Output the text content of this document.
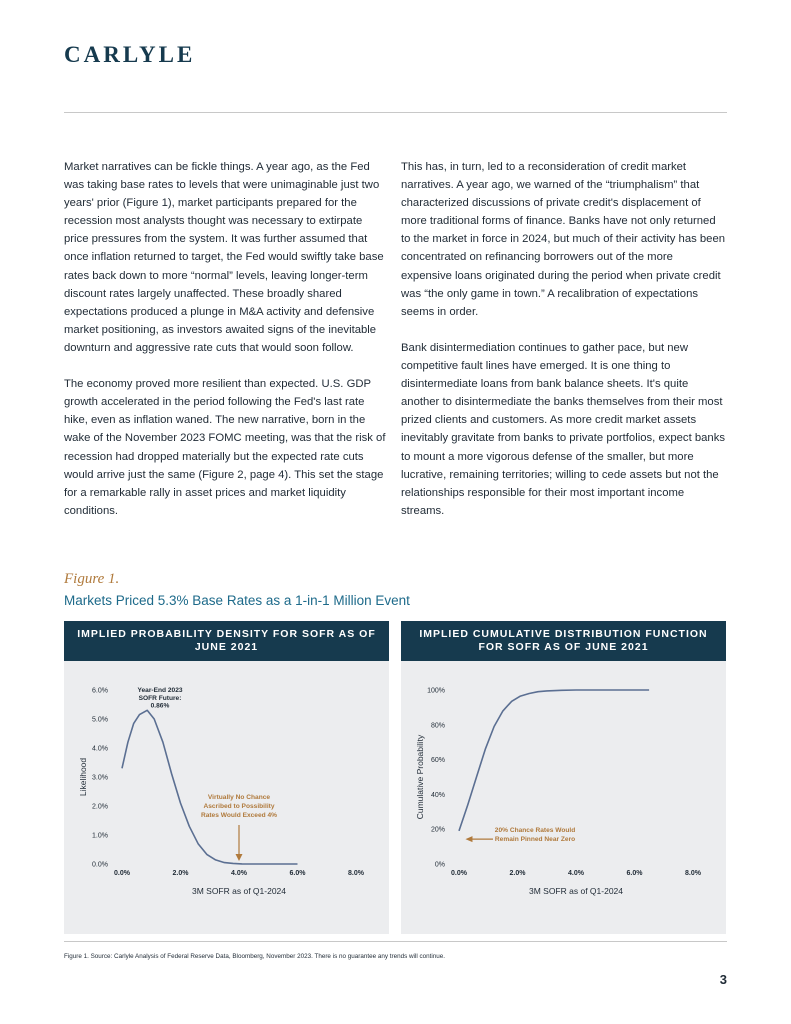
CARLYLE

Market narratives can be fickle things. A year ago, as the Fed was taking base rates to levels that were unimaginable just two years' prior (Figure 1), market participants prepared for the recession most analysts thought was necessary to extirpate price pressures from the system. It was further assumed that once inflation returned to target, the Fed would swiftly take base rates back down to more “normal” levels, leaving longer-term discount rates largely unaffected. These broadly shared expectations produced a plunge in M&A activity and defensive market positioning, as investors awaited signs of the inevitable downturn and aggressive rate cuts that would soon follow.

The economy proved more resilient than expected. U.S. GDP growth accelerated in the period following the Fed's last rate hike, even as inflation waned. The new narrative, born in the wake of the November 2023 FOMC meeting, was that the risk of recession had dropped materially but the expected rate cuts would arrive just the same (Figure 2, page 4). This set the stage for a remarkable rally in asset prices and market liquidity conditions.

This has, in turn, led to a reconsideration of credit market narratives. A year ago, we warned of the “triumphalism” that characterized discussions of private credit's displacement of more traditional forms of finance. Banks have not only returned to the market in force in 2024, but much of their activity has been concentrated on refinancing borrowers out of the more expensive loans originated during the period when private credit was “the only game in town.” A recalibration of expectations seems in order.

Bank disintermediation continues to gather pace, but new competitive fault lines have emerged. It is one thing to disintermediate loans from bank balance sheets. It's quite another to disintermediate the banks themselves from their most prized clients and customers. As more credit market assets inevitably gravitate from banks to private portfolios, expect banks to mount a more vigorous defense of the smaller, but more lucrative, remaining territories; willing to cede assets but not the relationships responsible for their most important income streams.

Figure 1.
Markets Priced 5.3% Base Rates as a 1-in-1 Million Event
IMPLIED PROBABILITY DENSITY FOR SOFR AS OF JUNE 2021
0.0%
1.0%
2.0%
3.0%
4.0%
5.0%
6.0%
0.0%	2.0%	4.0%	6.0%	8.0%
3M SOFR as of Q1-2024
Likelihood
Year-End 2023
SOFR Future:
0.86%
Virtually No Chance
Ascribed to Possibility
Rates Would Exceed 4%
IMPLIED CUMULATIVE DISTRIBUTION FUNCTION FOR SOFR AS OF JUNE 2021
0%
20%
40%
60%
80%
100%
0.0%	2.0%	4.0%	6.0%	8.0%
3M SOFR as of Q1-2024
Cumulative Probability
20% Chance Rates Would
Remain Pinned Near Zero
Figure 1. Source: Carlyle Analysis of Federal Reserve Data, Bloomberg, November 2023. There is no guarantee any trends will continue.
3
